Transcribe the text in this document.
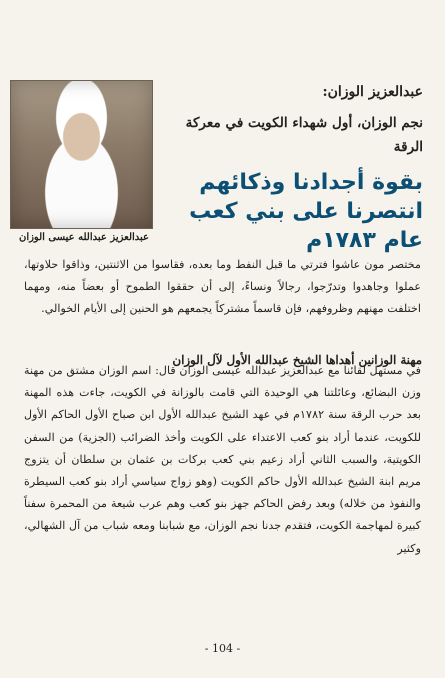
عبدالعزيز عبدالله عيسى الوزان
عبدالعزيز الوزان:
نجم الوزان، أول شهداء الكويت في معركة الرقة
بقوة أجدادنا وذكائهم انتصرنا على بني كعب عام ١٧٨٣م

مختصر مون عاشوا فترتي ما قبل النفط وما بعده، فقاسوا من الاثنتين، وذاقوا حلاوتها، عملوا وجاهدوا وتدرّجوا، رجالاً ونساءً، إلى أن حققوا الطموح أو بعضاً منه، ومهما اختلفت مهنهم وظروفهم، فإن قاسماً مشتركاً يجمعهم هو الحنين إلى الأيام الخوالي.

مهنة الوزانين أهداها الشيخ عبدالله الأول لآل الوزان

في مستهل لقائنا مع عبدالعزيز عبدالله عيسى الوزان قال: اسم الوزان مشتق من مهنة وزن البضائع، وعائلتنا هي الوحيدة التي قامت بالوزانة في الكويت، جاءت هذه المهنة بعد حرب الرقة سنة ١٧٨٢م في عهد الشيخ عبدالله الأول ابن صباح الأول الحاكم الأول للكويت، عندما أراد بنو كعب الاعتداء على الكويت وأخذ الضرائب (الجزية) من السفن الكويتية، والسبب الثاني أراد زعيم بني كعب بركات بن عثمان بن سلطان أن يتزوج مريم ابنة الشيخ عبدالله الأول حاكم الكويت (وهو زواج سياسي أراد بنو كعب السيطرة والنفوذ من خلاله) وبعد رفض الحاكم جهز بنو كعب وهم عرب شيعة من المحمرة سفناً كبيرة لمهاجمة الكويت، فتقدم جدنا نجم الوزان، مع شبابنا ومعه شباب من آل الشهالي، وكثير

- 104 -
